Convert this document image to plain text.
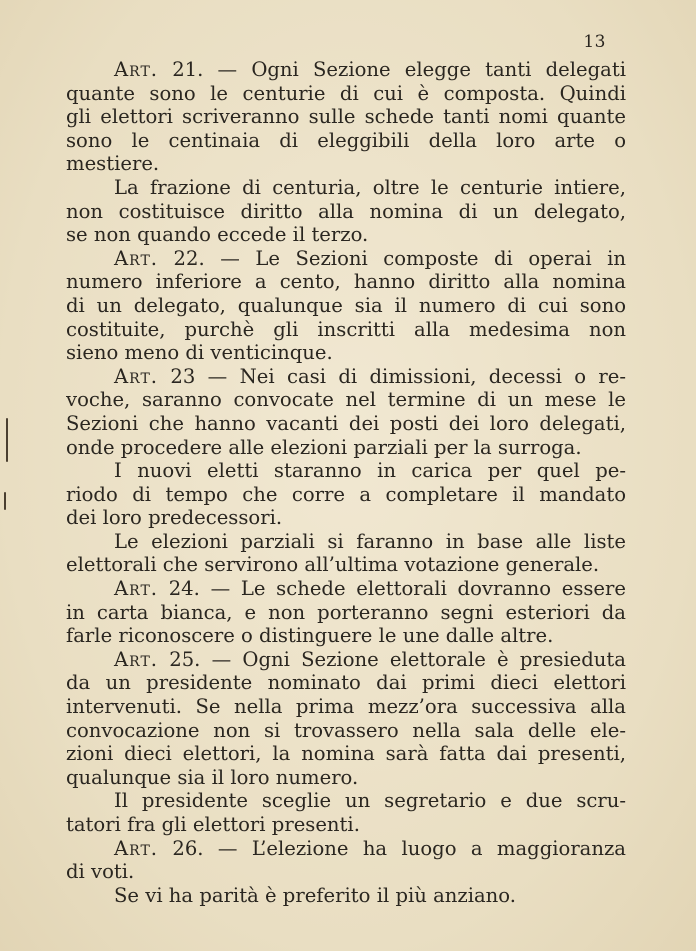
13
Art. 21. — Ogni Sezione elegge tanti delegati
quante sono le centurie di cui è composta. Quindi
gli elettori scriveranno sulle schede tanti nomi quante
sono le centinaia di eleggibili della loro arte o
mestiere.
La frazione di centuria, oltre le centurie intiere,
non costituisce diritto alla nomina di un delegato,
se non quando eccede il terzo.
Art. 22. — Le Sezioni composte di operai in
numero inferiore a cento, hanno diritto alla nomina
di un delegato, qualunque sia il numero di cui sono
costituite, purchè gli inscritti alla medesima non
sieno meno di venticinque.
Art. 23 — Nei casi di dimissioni, decessi o re-
voche, saranno convocate nel termine di un mese le
Sezioni che hanno vacanti dei posti dei loro delegati,
onde procedere alle elezioni parziali per la surroga.
I nuovi eletti staranno in carica per quel pe-
riodo di tempo che corre a completare il mandato
dei loro predecessori.
Le elezioni parziali si faranno in base alle liste
elettorali che servirono all’ultima votazione generale.
Art. 24. — Le schede elettorali dovranno essere
in carta bianca, e non porteranno segni esteriori da
farle riconoscere o distinguere le une dalle altre.
Art. 25. — Ogni Sezione elettorale è presieduta
da un presidente nominato dai primi dieci elettori
intervenuti. Se nella prima mezz’ora successiva alla
convocazione non si trovassero nella sala delle ele-
zioni dieci elettori, la nomina sarà fatta dai presenti,
qualunque sia il loro numero.
Il presidente sceglie un segretario e due scru-
tatori fra gli elettori presenti.
Art. 26. — L’elezione ha luogo a maggioranza
di voti.
Se vi ha parità è preferito il più anziano.
